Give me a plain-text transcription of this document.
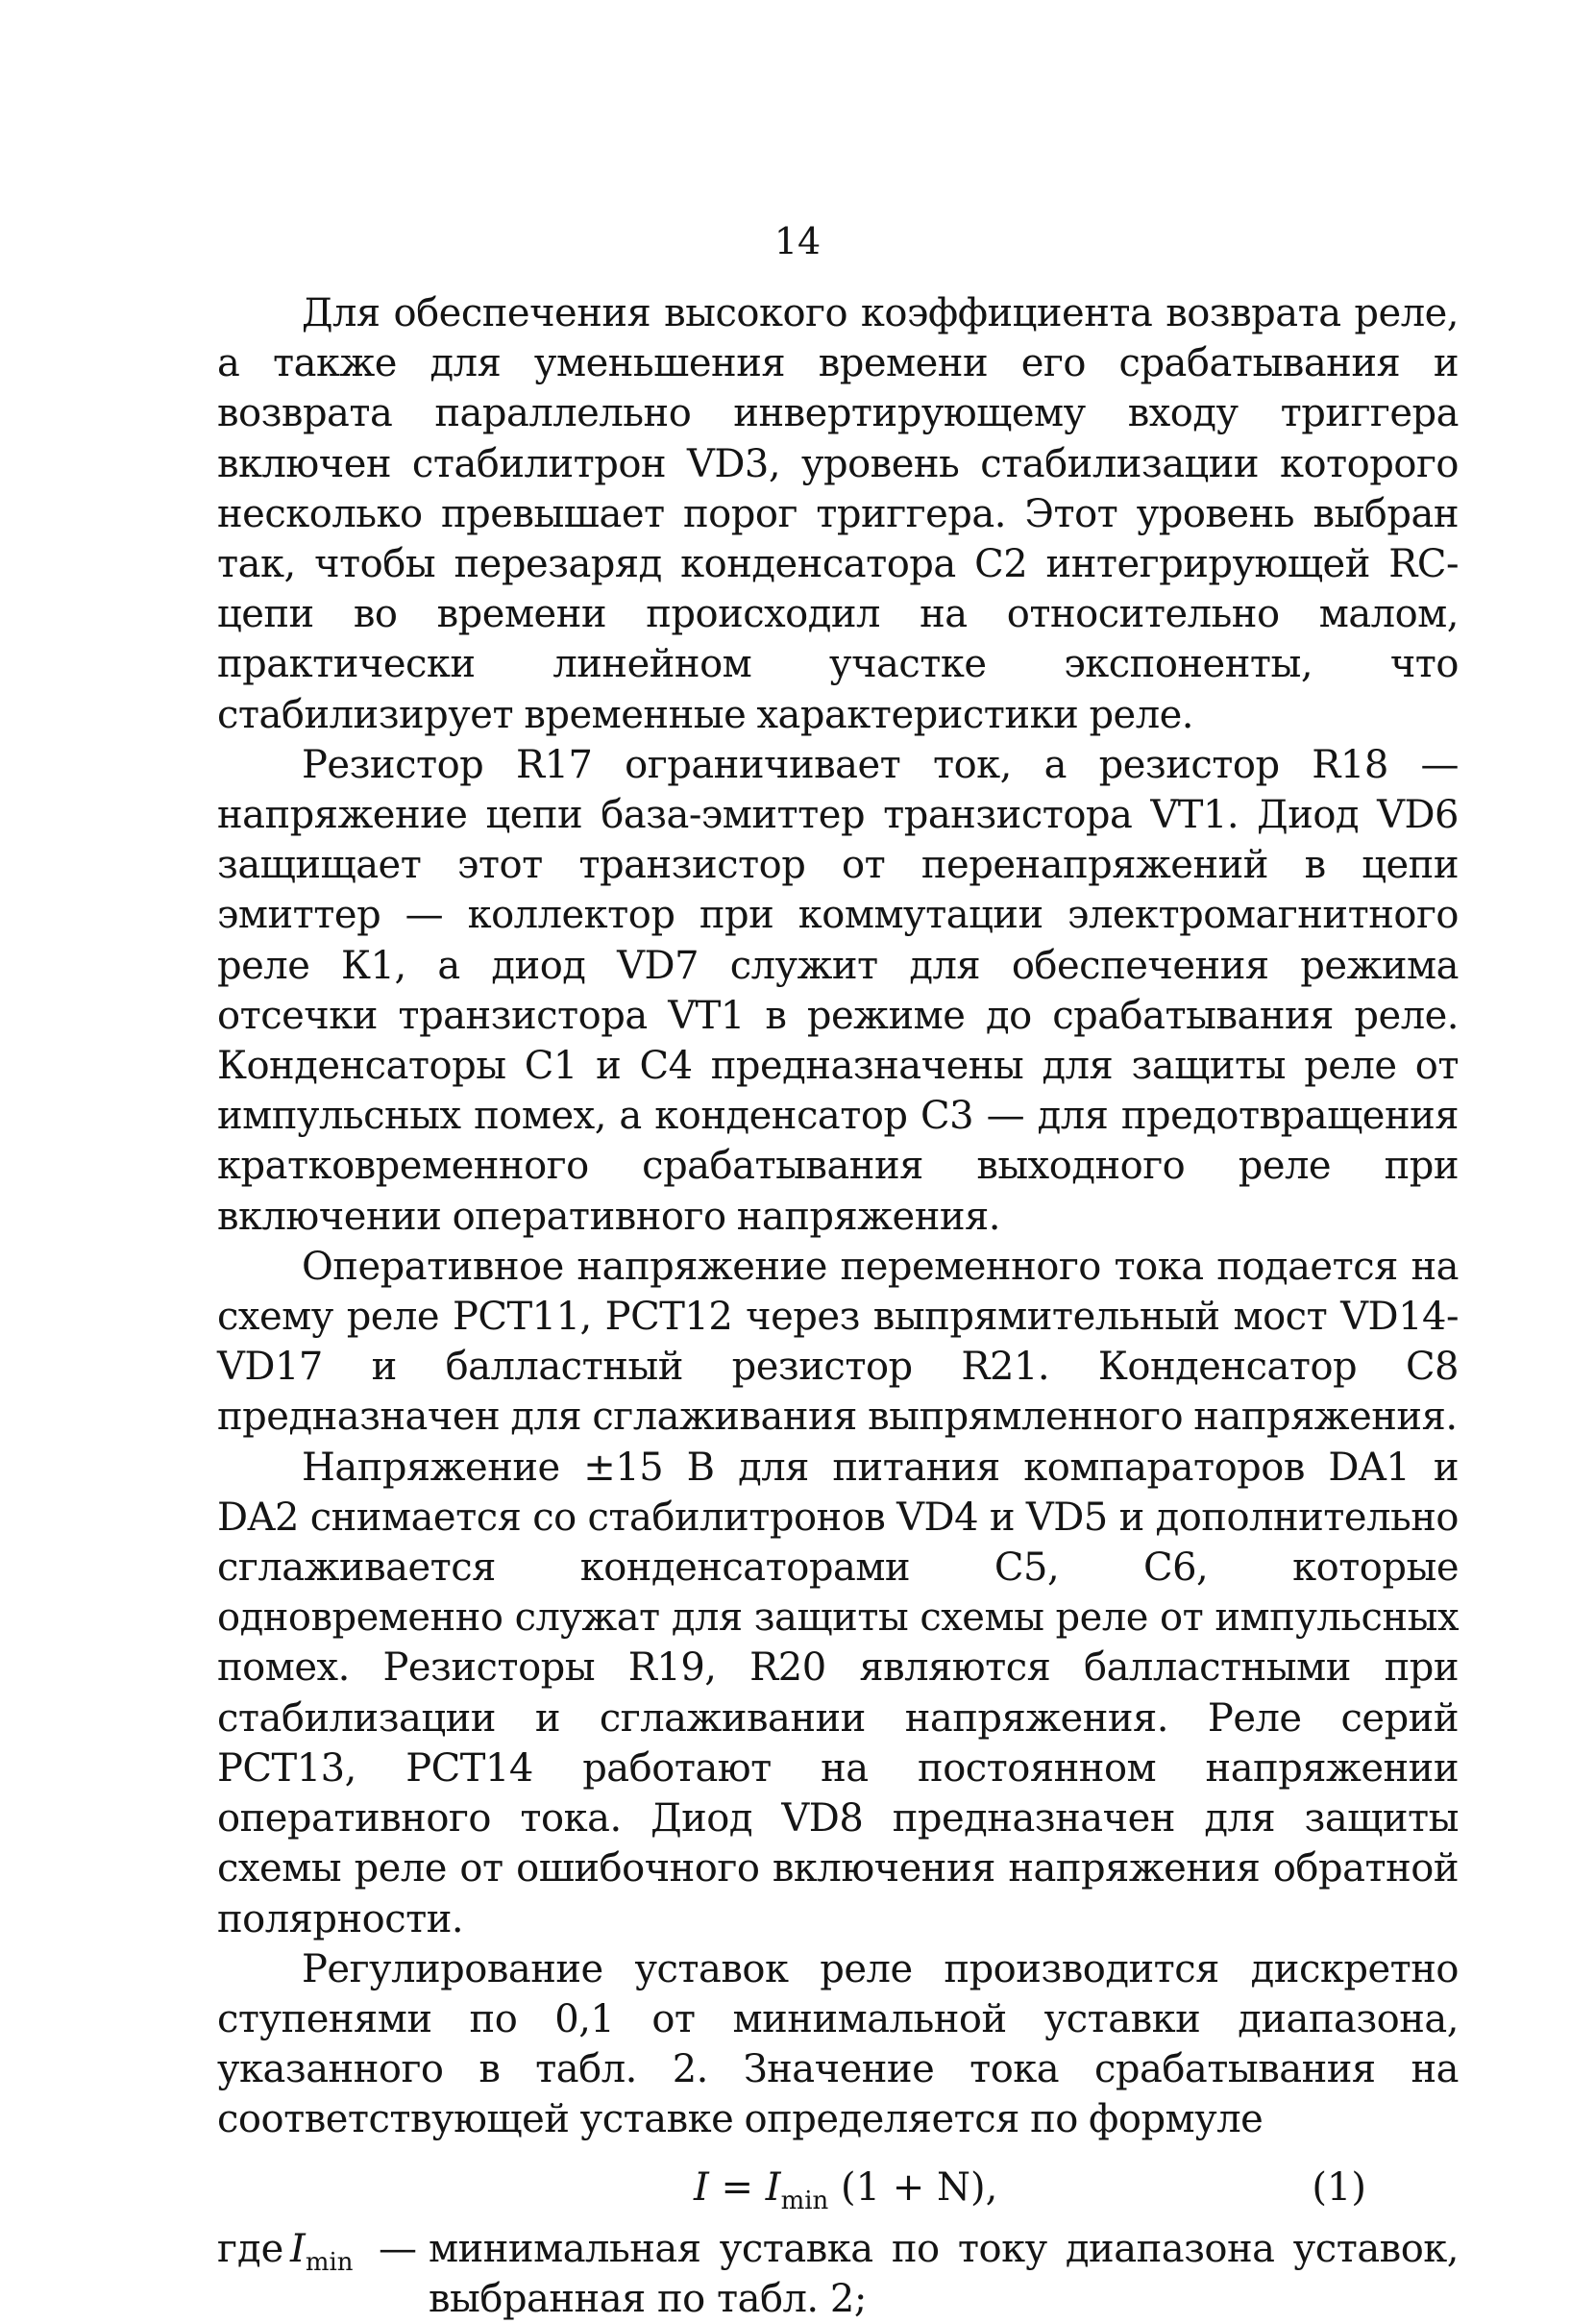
14

Для обеспечения высокого коэффициента возврата реле, а также для уменьшения времени его срабатывания и возврата параллельно инвертирующему входу триггера включен стабилитрон VD3, уровень стабилизации которого несколько превышает порог триггера. Этот уровень выбран так, чтобы перезаряд конденсатора С2 интегрирующей RC-цепи во времени происходил на относительно малом, практически линейном участке экспоненты, что стабилизирует временные характеристики реле.

Резистор R17 ограничивает ток, а резистор R18 — напряжение цепи база-эмиттер транзистора VT1. Диод VD6 защищает этот транзистор от перенапряжений в цепи эмиттер — коллектор при коммутации электромагнитного реле К1, а диод VD7 служит для обеспечения режима отсечки транзистора VT1 в режиме до срабатывания реле. Конденсаторы С1 и С4 предназначены для защиты реле от импульсных помех, а конденсатор С3 — для предотвращения кратковременного срабатывания выходного реле при включении оперативного напряжения.

Оперативное напряжение переменного тока подается на схему реле РСТ11, РСТ12 через выпрямительный мост VD14-VD17 и балластный резистор R21. Конденсатор С8 предназначен для сглаживания выпрямленного напряжения.

Напряжение ±15 В для питания компараторов DA1 и DA2 снимается со стабилитронов VD4 и VD5 и дополнительно сглаживается конденсаторами С5, С6, которые одновременно служат для защиты схемы реле от импульсных помех. Резисторы R19, R20 являются балластными при стабилизации и сглаживании напряжения. Реле серий РСТ13, РСТ14 работают на постоянном напряжении оперативного тока. Диод VD8 предназначен для защиты схемы реле от ошибочного включения напряжения обратной полярности.

Регулирование уставок реле производится дискретно ступенями по 0,1 от минимальной уставки диапазона, указанного в табл. 2. Значение тока срабатывания на соответствующей уставке определяется по формуле

$I = I_{min}$ (1 + N),	(1)
где $I_{min}$ — минимальная уставка по току диапазона уставок, выбранная по табл. 2;
